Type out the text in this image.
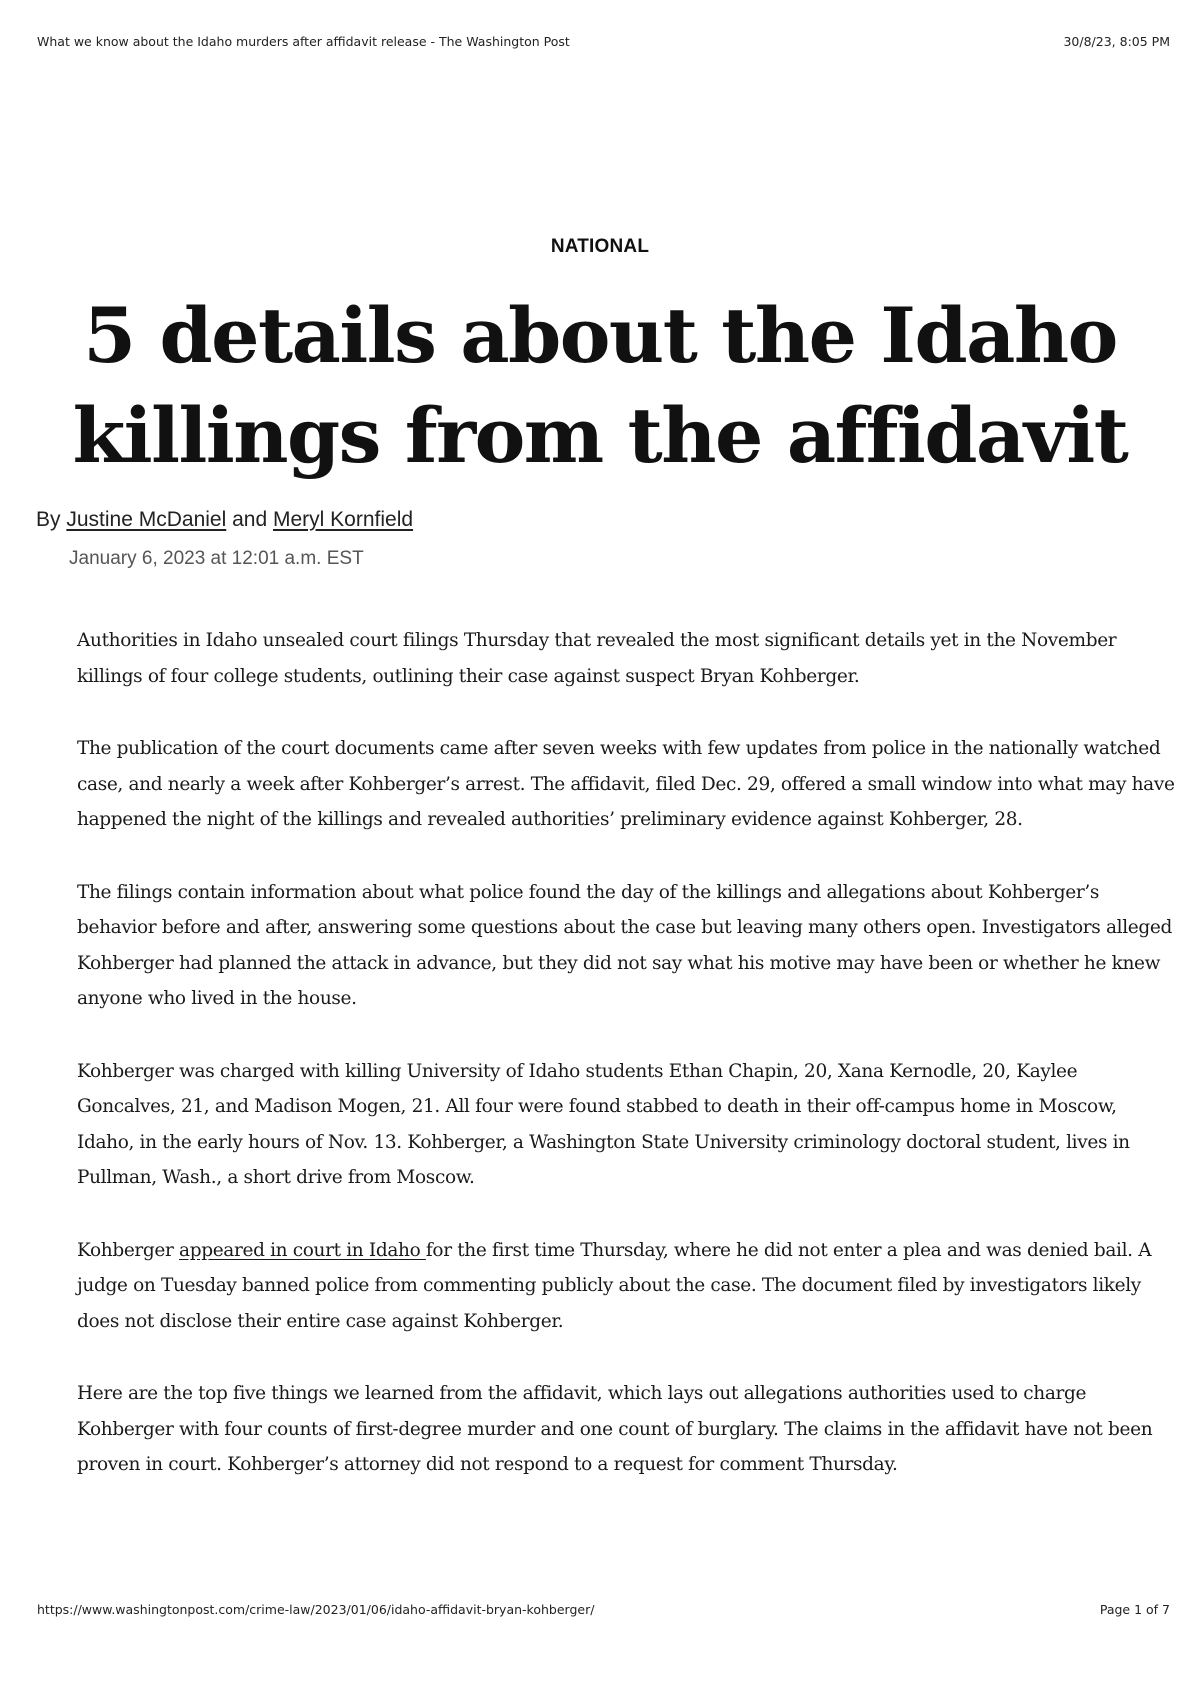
What we know about the Idaho murders after affidavit release - The Washington Post	30/8/23, 8:05 PM
NATIONAL
5 details about the Idaho
killings from the affidavit
By Justine McDaniel and Meryl Kornfield
January 6, 2023 at 12:01 a.m. EST

Authorities in Idaho unsealed court filings Thursday that revealed the most significant details yet in the November killings of four college students, outlining their case against suspect Bryan Kohberger.

The publication of the court documents came after seven weeks with few updates from police in the nationally watched case, and nearly a week after Kohberger’s arrest. The affidavit, filed Dec. 29, offered a small window into what may have happened the night of the killings and revealed authorities’ preliminary evidence against Kohberger, 28.

The filings contain information about what police found the day of the killings and allegations about Kohberger’s behavior before and after, answering some questions about the case but leaving many others open. Investigators alleged Kohberger had planned the attack in advance, but they did not say what his motive may have been or whether he knew anyone who lived in the house.

Kohberger was charged with killing University of Idaho students Ethan Chapin, 20, Xana Kernodle, 20, Kaylee Goncalves, 21, and Madison Mogen, 21. All four were found stabbed to death in their off-campus home in Moscow, Idaho, in the early hours of Nov. 13. Kohberger, a Washington State University criminology doctoral student, lives in Pullman, Wash., a short drive from Moscow.

Kohberger appeared in court in Idaho for the first time Thursday, where he did not enter a plea and was denied bail. A judge on Tuesday banned police from commenting publicly about the case. The document filed by investigators likely does not disclose their entire case against Kohberger.

Here are the top five things we learned from the affidavit, which lays out allegations authorities used to charge Kohberger with four counts of first-degree murder and one count of burglary. The claims in the affidavit have not been proven in court. Kohberger’s attorney did not respond to a request for comment Thursday.

https://www.washingtonpost.com/crime-law/2023/01/06/idaho-affidavit-bryan-kohberger/	Page 1 of 7
